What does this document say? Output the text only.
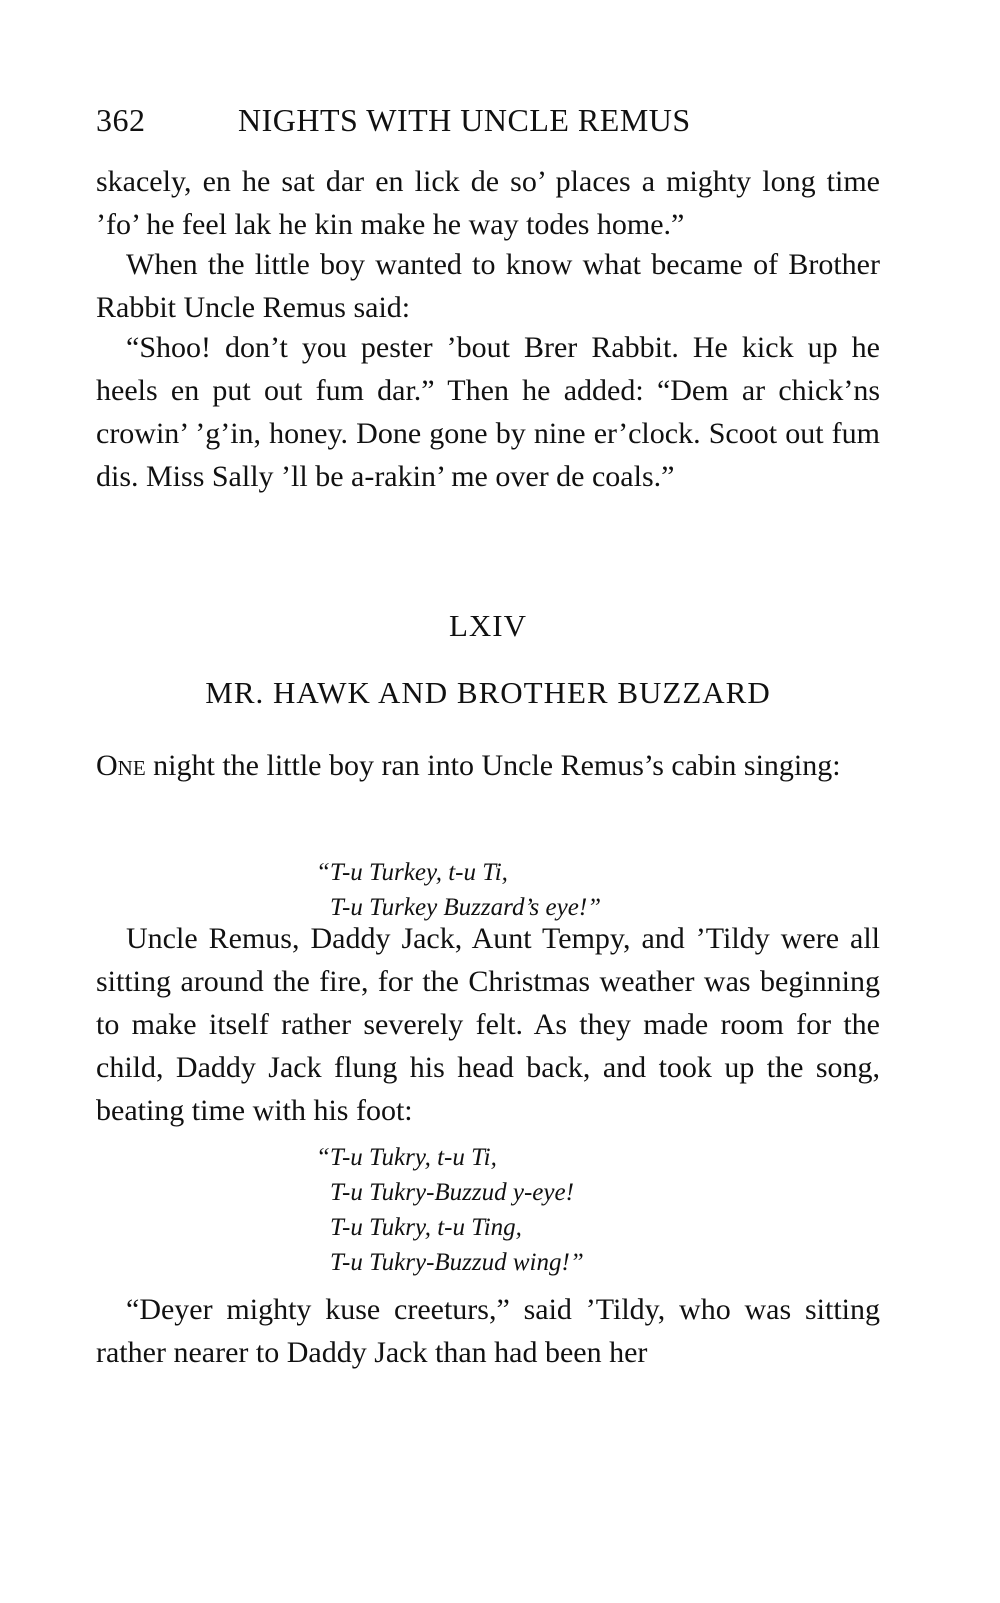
362	NIGHTS WITH UNCLE REMUS

skacely, en he sat dar en lick de so’ places a mighty long time ’fo’ he feel lak he kin make he way todes home.”

When the little boy wanted to know what became of Brother Rabbit Uncle Remus said:

“Shoo! don’t you pester ’bout Brer Rabbit. He kick up he heels en put out fum dar.” Then he added: “Dem ar chick’ns crowin’ ’g’in, honey. Done gone by nine er’clock. Scoot out fum dis. Miss Sally ’ll be a-rakin’ me over de coals.”

LXIV
MR. HAWK AND BROTHER BUZZARD

One night the little boy ran into Uncle Remus’s cabin singing:

“T-u Turkey, t-u Ti,
T-u Turkey Buzzard’s eye!”

Uncle Remus, Daddy Jack, Aunt Tempy, and ’Tildy were all sitting around the fire, for the Christmas weather was beginning to make itself rather severely felt. As they made room for the child, Daddy Jack flung his head back, and took up the song, beating time with his foot:

“T-u Tukry, t-u Ti,
T-u Tukry-Buzzud y-eye!
T-u Tukry, t-u Ting,
T-u Tukry-Buzzud wing!”

“Deyer mighty kuse creeturs,” said ’Tildy, who was sitting rather nearer to Daddy Jack than had been her
